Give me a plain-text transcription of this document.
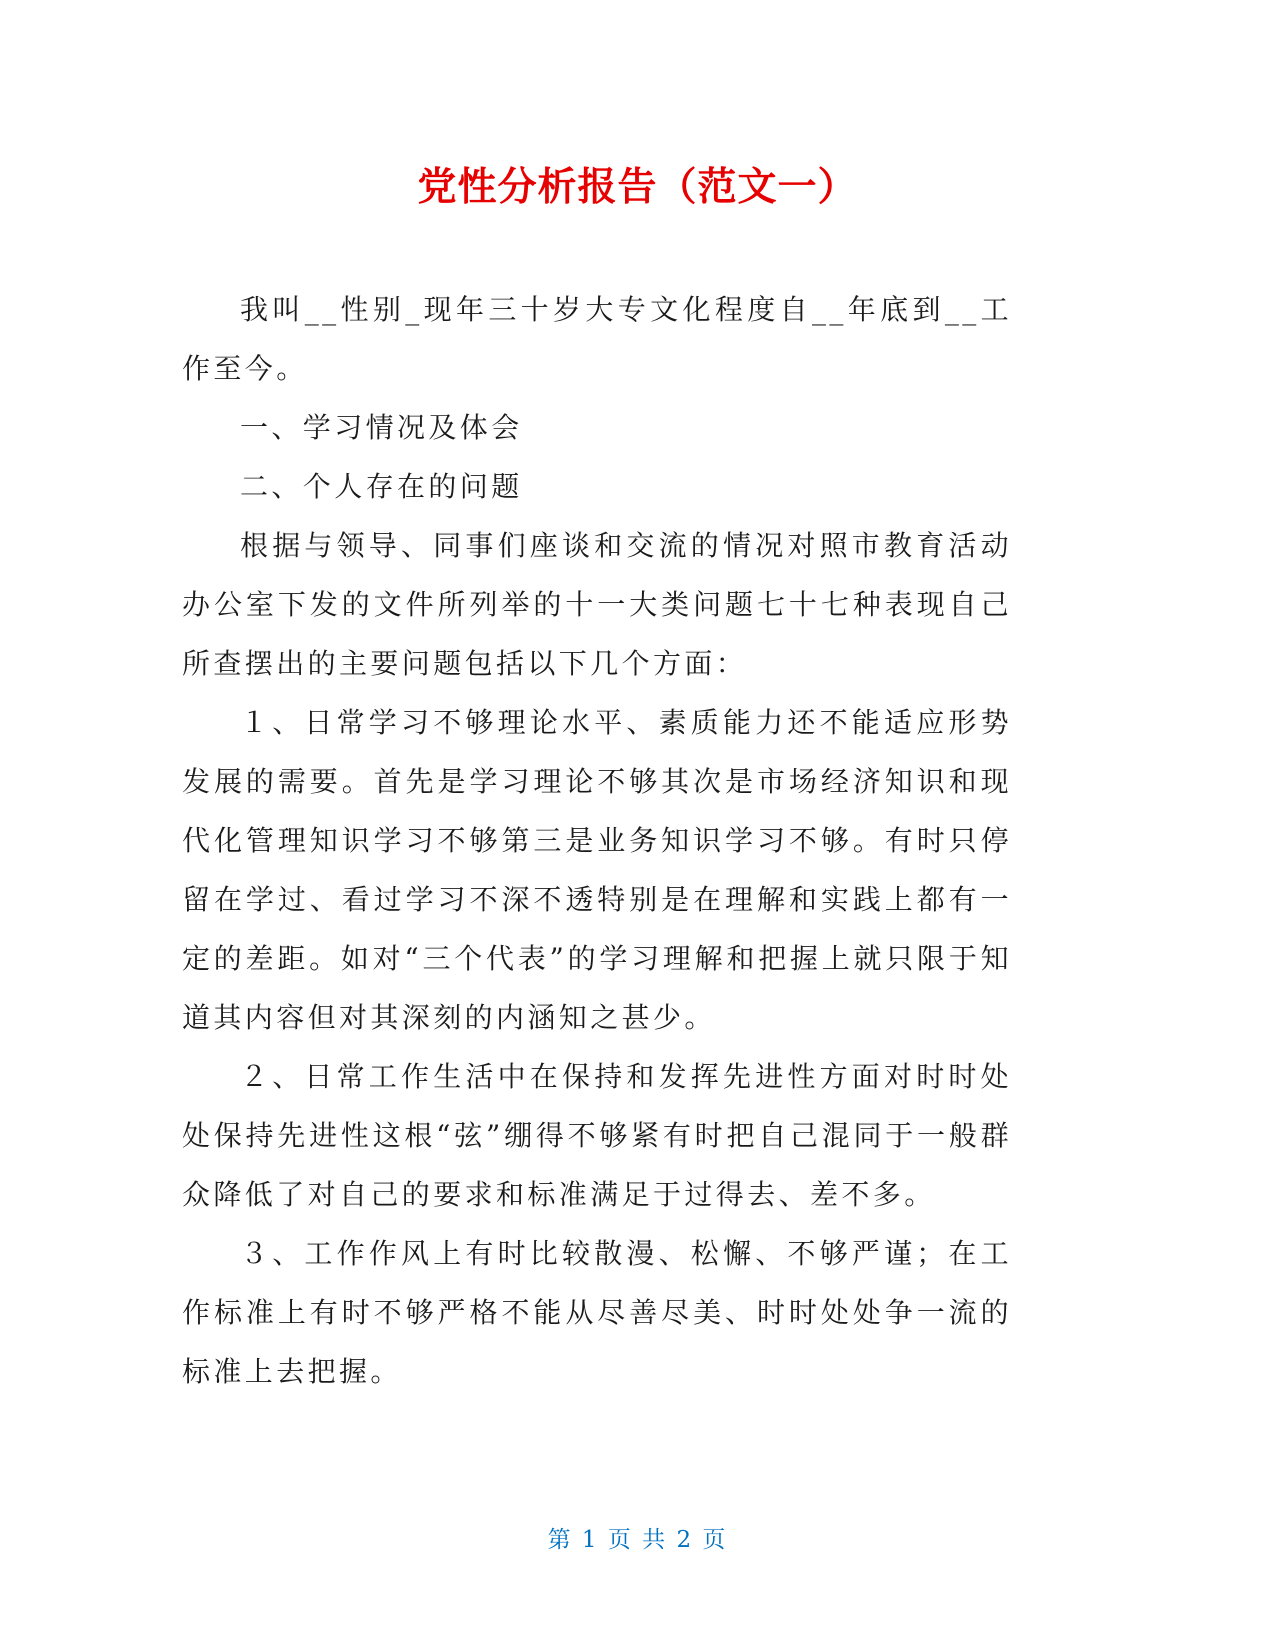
党性分析报告（范文一）

我叫__性别_现年三十岁大专文化程度自__年底到__工作至今。

一、学习情况及体会

二、个人存在的问题

根据与领导、同事们座谈和交流的情况对照市教育活动办公室下发的文件所列举的十一大类问题七十七种表现自己所查摆出的主要问题包括以下几个方面：

１、日常学习不够理论水平、素质能力还不能适应形势发展的需要。首先是学习理论不够其次是市场经济知识和现代化管理知识学习不够第三是业务知识学习不够。有时只停留在学过、看过学习不深不透特别是在理解和实践上都有一定的差距。如对“三个代表”的学习理解和把握上就只限于知道其内容但对其深刻的内涵知之甚少。

２、日常工作生活中在保持和发挥先进性方面对时时处处保持先进性这根“弦”绷得不够紧有时把自己混同于一般群众降低了对自己的要求和标准满足于过得去、差不多。

３、工作作风上有时比较散漫、松懈、不够严谨；在工作标准上有时不够严格不能从尽善尽美、时时处处争一流的标准上去把握。

第 1 页 共 2 页
